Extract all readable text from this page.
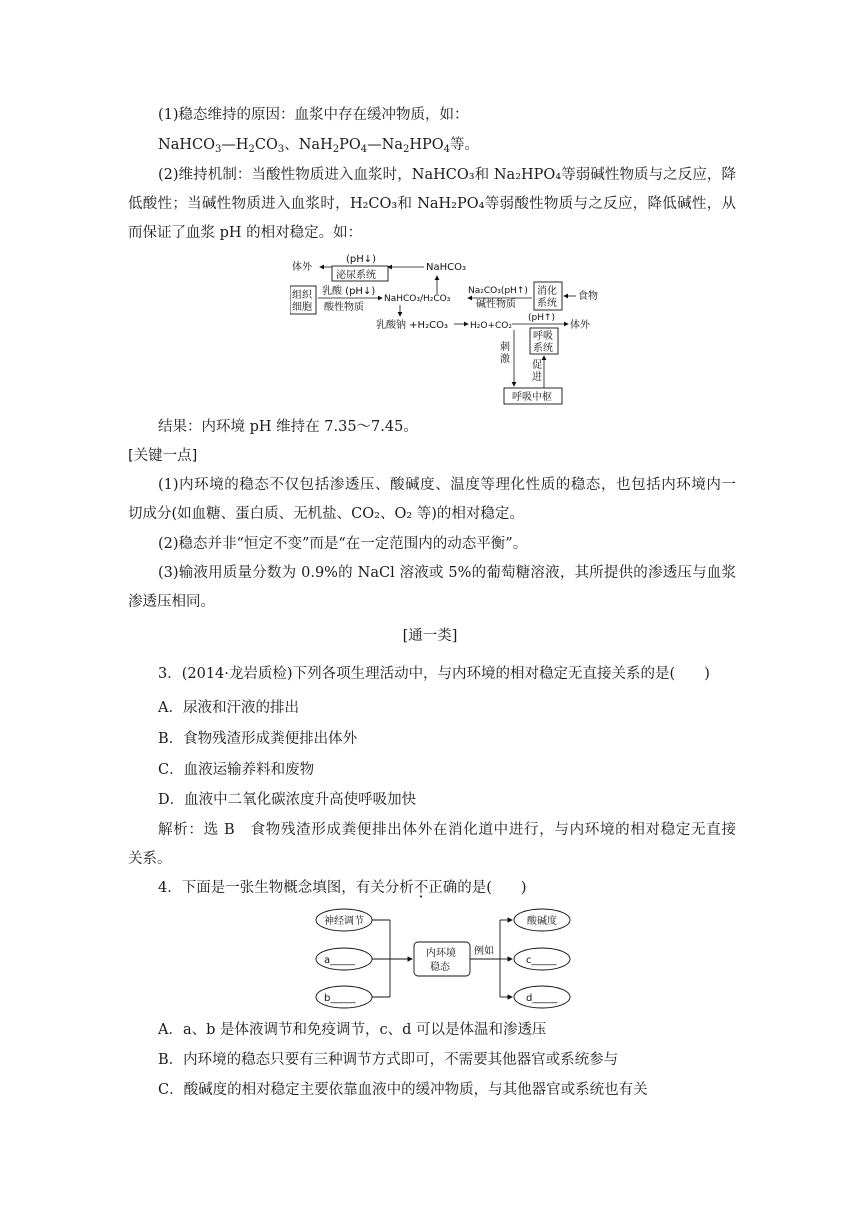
(1)稳态维持的原因：血浆中存在缓冲物质，如：
$NaHCO_3—H_2CO_3$、$NaH_2PO_4—Na_2HPO_4$等。
(2)维持机制：当酸性物质进入血浆时，NaHCO₃和 Na₂HPO₄等弱碱性物质与之反应，降
低酸性；当碱性物质进入血浆时，H₂CO₃和 NaH₂PO₄等弱酸性物质与之反应，降低碱性，从
而保证了血浆 pH 的相对稳定。如：
体外
(pH↓)
泌尿系统
NaHCO₃
组织
细胞
乳酸 (pH↓)
酸性物质
NaHCO₃/H₂CO₃
Na₂CO₃(pH↑)
碱性物质
消化
系统
食物
乳酸钠 +H₂CO₃ H₂O+CO₂	体外
(pH↑)
呼吸
系统
刺
激
促
进
呼吸中枢
结果：内环境 pH 维持在 7.35～7.45。
[关键一点]
(1)内环境的稳态不仅包括渗透压、酸碱度、温度等理化性质的稳态，也包括内环境内一
切成分(如血糖、蛋白质、无机盐、CO₂、O₂ 等)的相对稳定。
(2)稳态并非“恒定不变”而是“在一定范围内的动态平衡”。
(3)输液用质量分数为 0.9%的 NaCl 溶液或 5%的葡萄糖溶液，其所提供的渗透压与血浆
渗透压相同。
[通一类]
3．(2014·龙岩质检)下列各项生理活动中，与内环境的相对稳定无直接关系的是(　　)
A．尿液和汗液的排出
B．食物残渣形成粪便排出体外
C．血液运输养料和废物
D．血液中二氧化碳浓度升高使呼吸加快
解析：选 B　食物残渣形成粪便排出体外在消化道中进行，与内环境的相对稳定无直接
关系。
4．下面是一张生物概念填图，有关分析不正确的是(　　)
神经调节
a_____
b_____
内环境
稳态
例如
酸碱度
c_____
d_____
A．a、b 是体液调节和免疫调节，c、d 可以是体温和渗透压
B．内环境的稳态只要有三种调节方式即可，不需要其他器官或系统参与
C．酸碱度的相对稳定主要依靠血液中的缓冲物质，与其他器官或系统也有关
